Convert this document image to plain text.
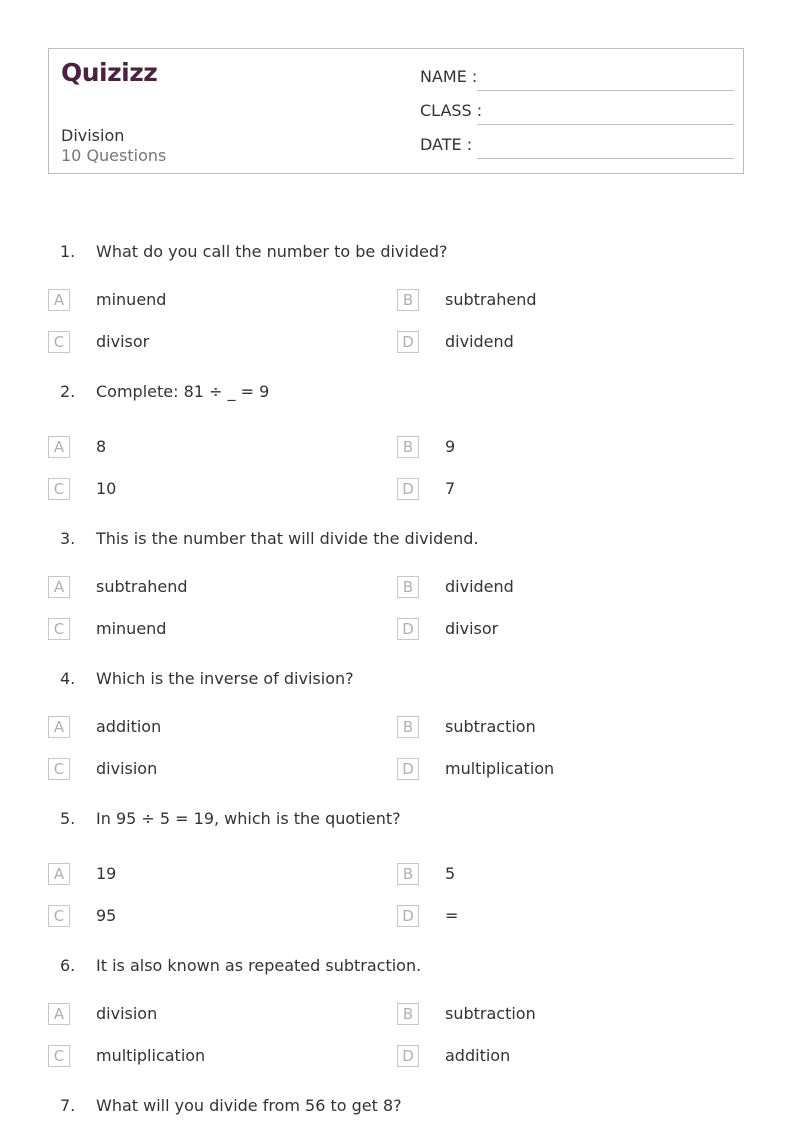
Quizizz
Division
10 Questions
NAME :
CLASS :
DATE :
1. What do you call the number to be divided?
A	minuend	B	subtrahend
C	divisor	D	dividend
2. Complete: 81 ÷ _ = 9
A	8	B	9
C	10	D	7
3. This is the number that will divide the dividend.
A	subtrahend	B	dividend
C	minuend	D	divisor
4. Which is the inverse of division?
A	addition	B	subtraction
C	division	D	multiplication
5. In 95 ÷ 5 = 19, which is the quotient?
A	19	B	5
C	95	D	=
6. It is also known as repeated subtraction.
A	division	B	subtraction
C	multiplication	D	addition
7. What will you divide from 56 to get 8?
